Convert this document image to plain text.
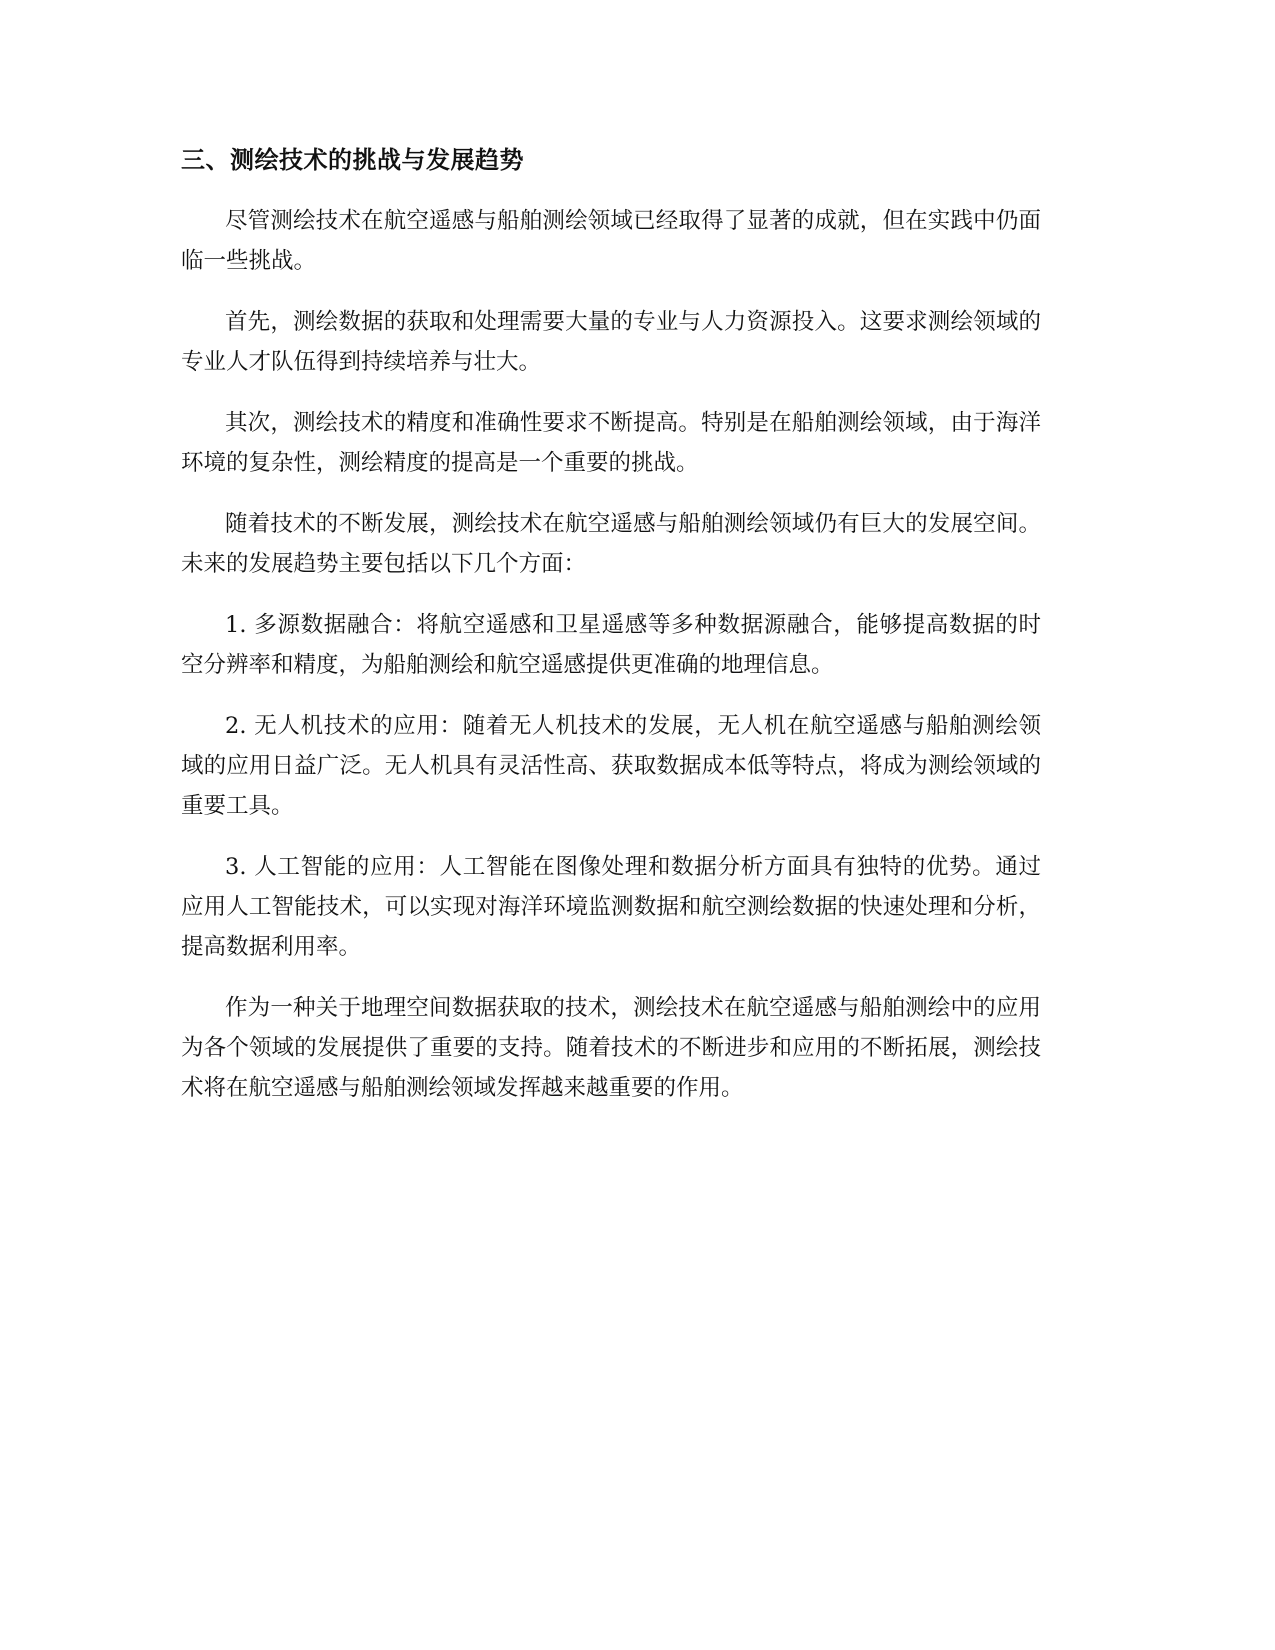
三、测绘技术的挑战与发展趋势

尽管测绘技术在航空遥感与船舶测绘领域已经取得了显著的成就，但在实践中仍面临一些挑战。

首先，测绘数据的获取和处理需要大量的专业与人力资源投入。这要求测绘领域的专业人才队伍得到持续培养与壮大。

其次，测绘技术的精度和准确性要求不断提高。特别是在船舶测绘领域，由于海洋环境的复杂性，测绘精度的提高是一个重要的挑战。

随着技术的不断发展，测绘技术在航空遥感与船舶测绘领域仍有巨大的发展空间。未来的发展趋势主要包括以下几个方面：

1. 多源数据融合：将航空遥感和卫星遥感等多种数据源融合，能够提高数据的时空分辨率和精度，为船舶测绘和航空遥感提供更准确的地理信息。

2. 无人机技术的应用：随着无人机技术的发展，无人机在航空遥感与船舶测绘领域的应用日益广泛。无人机具有灵活性高、获取数据成本低等特点，将成为测绘领域的重要工具。

3. 人工智能的应用：人工智能在图像处理和数据分析方面具有独特的优势。通过应用人工智能技术，可以实现对海洋环境监测数据和航空测绘数据的快速处理和分析，提高数据利用率。

作为一种关于地理空间数据获取的技术，测绘技术在航空遥感与船舶测绘中的应用为各个领域的发展提供了重要的支持。随着技术的不断进步和应用的不断拓展，测绘技术将在航空遥感与船舶测绘领域发挥越来越重要的作用。
